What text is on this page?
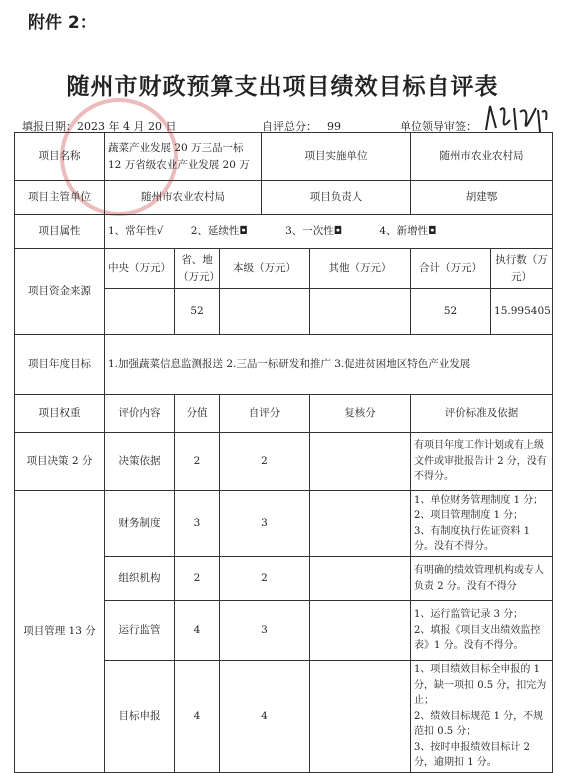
附件 2：
随州市财政预算支出项目绩效目标自评表
填报日期：2023 年 4 月 20 日	自评总分： 99	单位领导审签：
项目名称	蔬菜产业发展 20 万三品一标 12 万省级农业产业发展 20 万			项目实施单位		随州市农业农村局	
项目主管单位	随州市农业农村局			项目负责人		胡建鄂	
项目属性	1、常年性√ 2、延续性◘ 3、一次性◘ 4、新增性◘						
项目资金来源	中央（万元）	省、地（万元）	本级（万元）		其他（万元）	合计（万元）	执行数（万元）
		52				52	15.995405
项目年度目标	1.加强蔬菜信息监测报送 2.三品一标研发和推广 3.促进贫困地区特色产业发展						
项目权重	评价内容	分值	自评分		复核分	评价标准及依据	
项目决策 2 分	决策依据	2	2			有项目年度工作计划或有上级文件或审批报告计 2 分，没有不得分。	
项目管理 13 分	财务制度	3	3			1、单位财务管理制度 1 分；
2、项目管理制度 1 分；
3、有制度执行佐证资料 1 分。没有不得分。	
	组织机构	2	2			有明确的绩效管理机构或专人负责 2 分。没有不得分	
	运行监管	4	3			1、运行监管记录 3 分；
2、填报《项目支出绩效监控表》1 分。没有不得分。	
	目标申报	4	4			1、项目绩效目标全申报的 1 分，缺一项扣 0.5 分，扣完为止；
2、绩效目标规范 1 分，不规范扣 0.5 分；
3、按时申报绩效目标计 2 分，逾期扣 1 分。	
